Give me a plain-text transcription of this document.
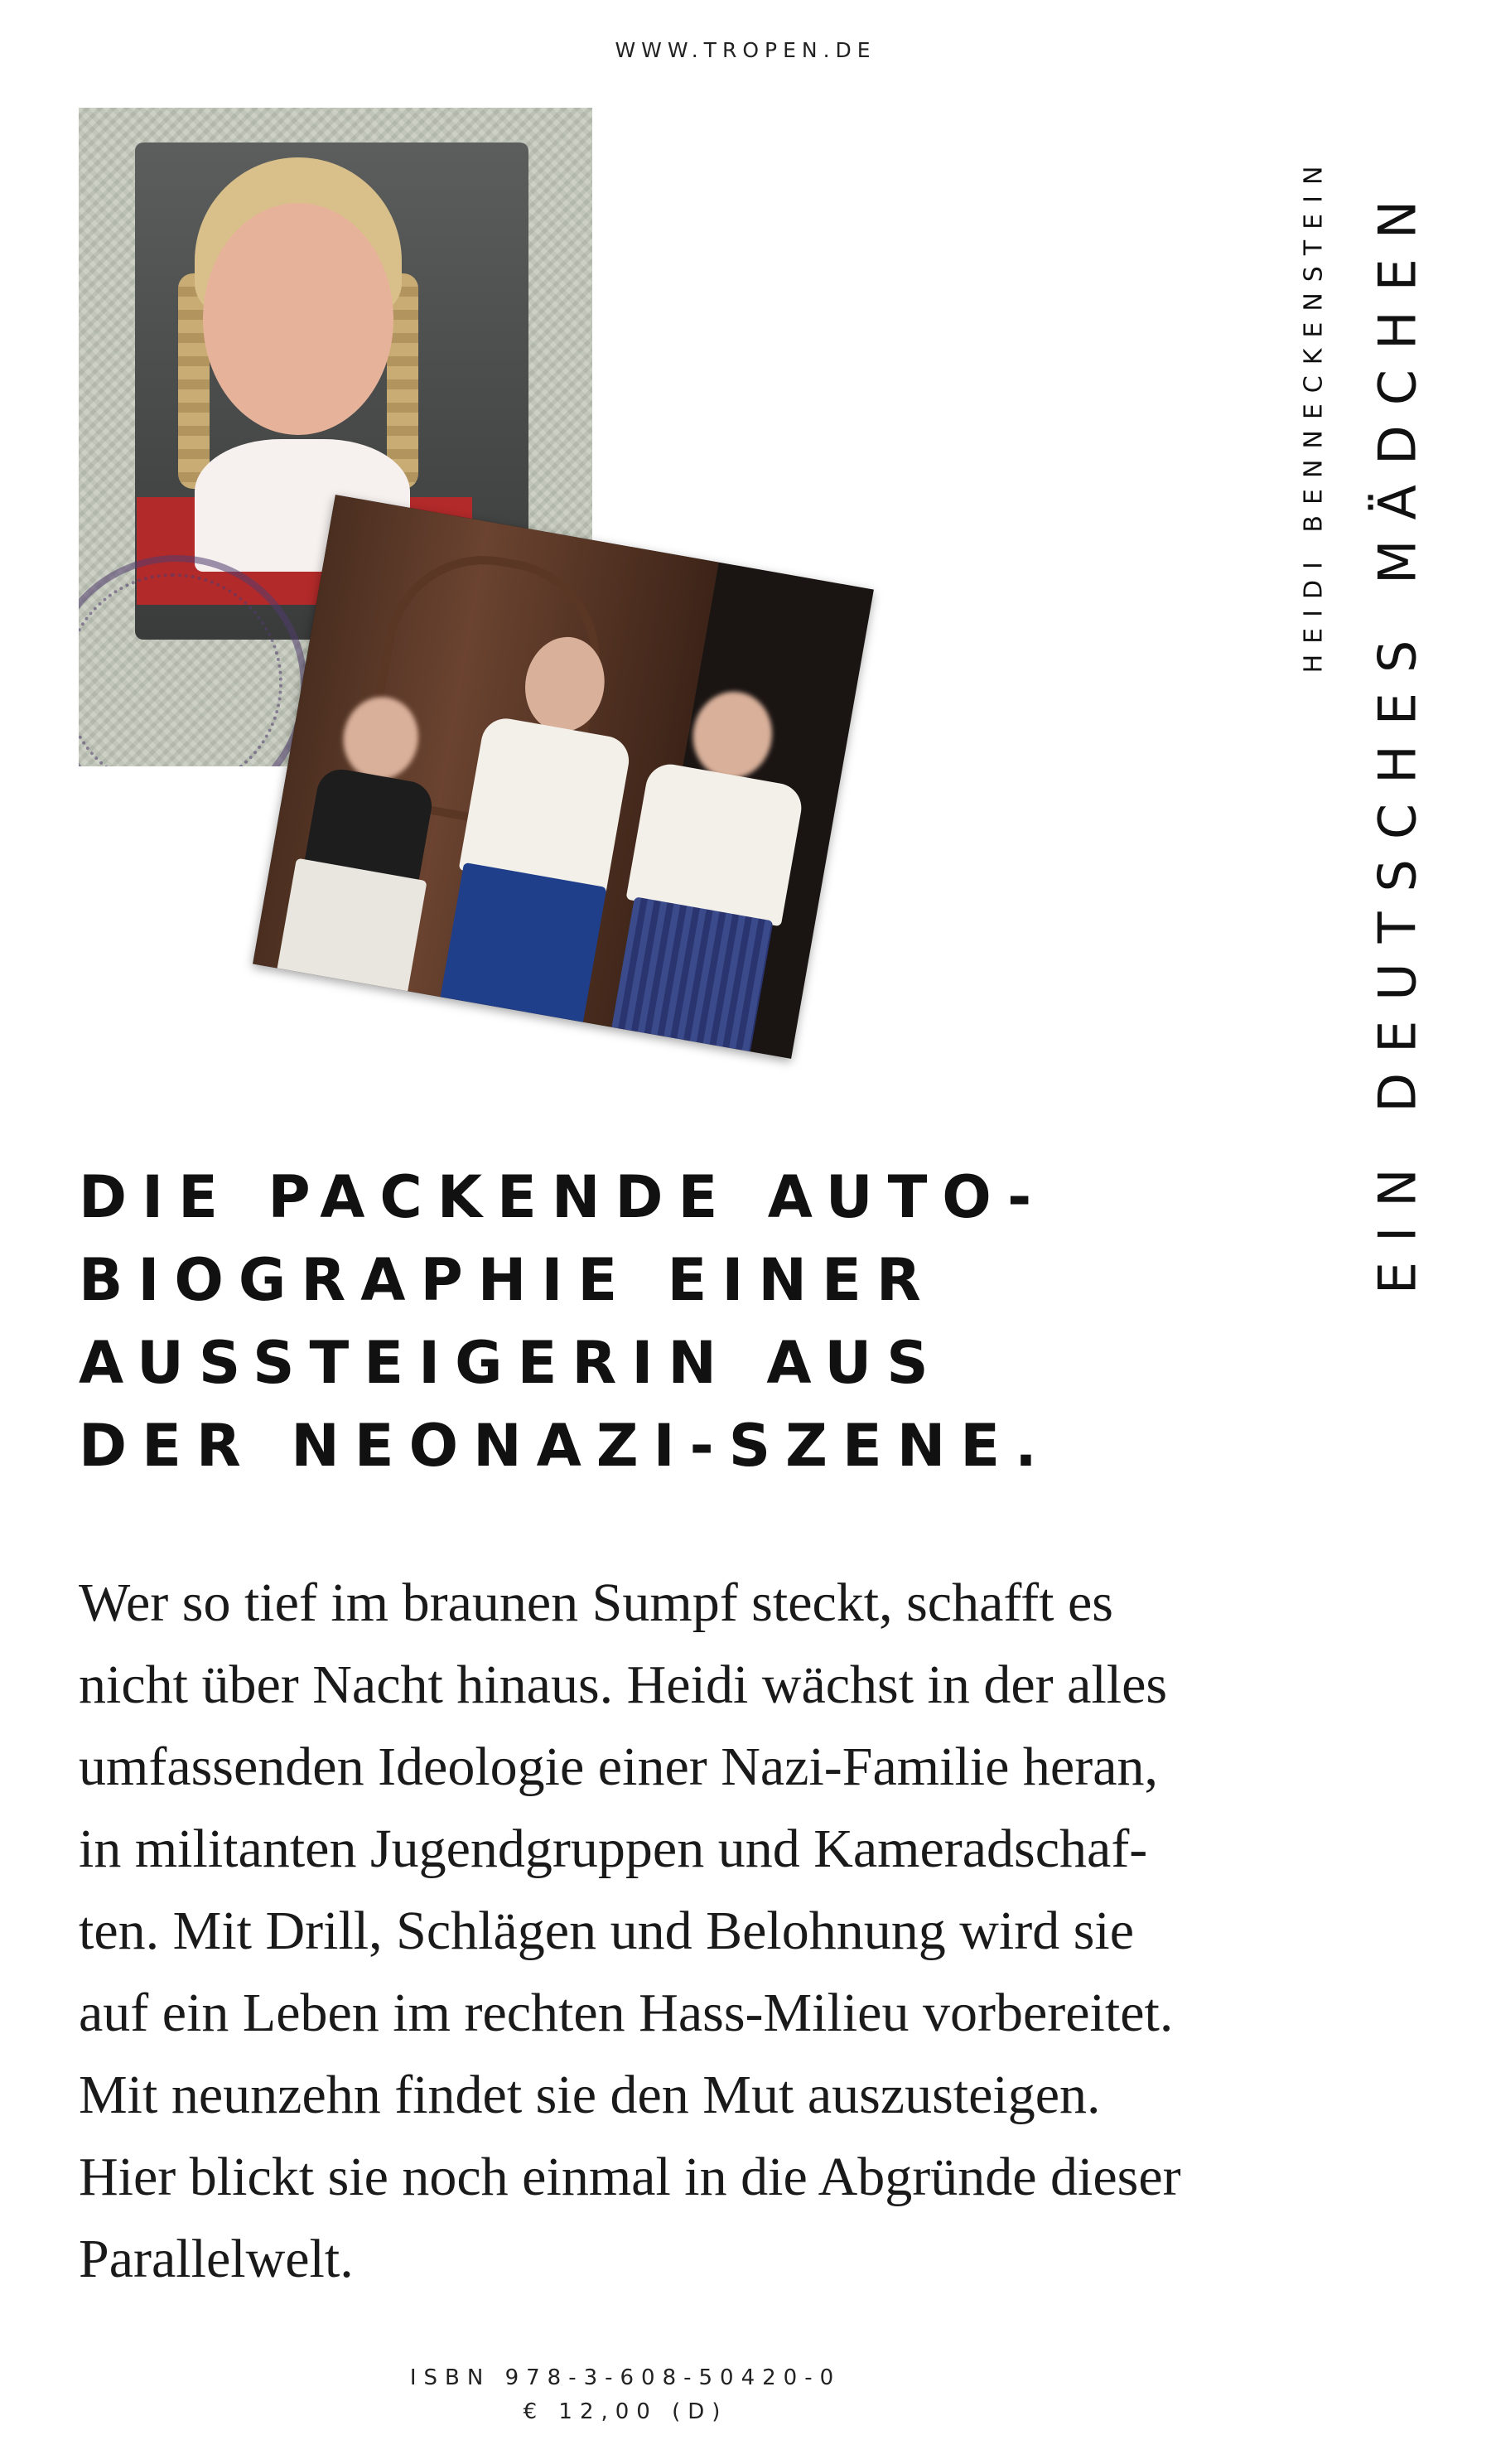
WWW.TROPEN.DE
HEIDI BENNECKENSTEIN EIN DEUTSCHES MÄDCHEN
DIE PACKENDE AUTO-
BIOGRAPHIE EINER
AUSSTEIGERIN AUS
DER NEONAZI-SZENE.
Wer so tief im braunen Sumpf steckt, schafft es
nicht über Nacht hinaus. Heidi wächst in der alles
umfassenden Ideologie einer Nazi-Familie heran,
in militanten Jugendgruppen und Kameradschaf-
ten. Mit Drill, Schlägen und Belohnung wird sie
auf ein Leben im rechten Hass-Milieu vorbereitet.
Mit neunzehn findet sie den Mut auszusteigen.
Hier blickt sie noch einmal in die Abgründe dieser
Parallelwelt.
ISBN 978-3-608-50420-0
€ 12,00 (D)
